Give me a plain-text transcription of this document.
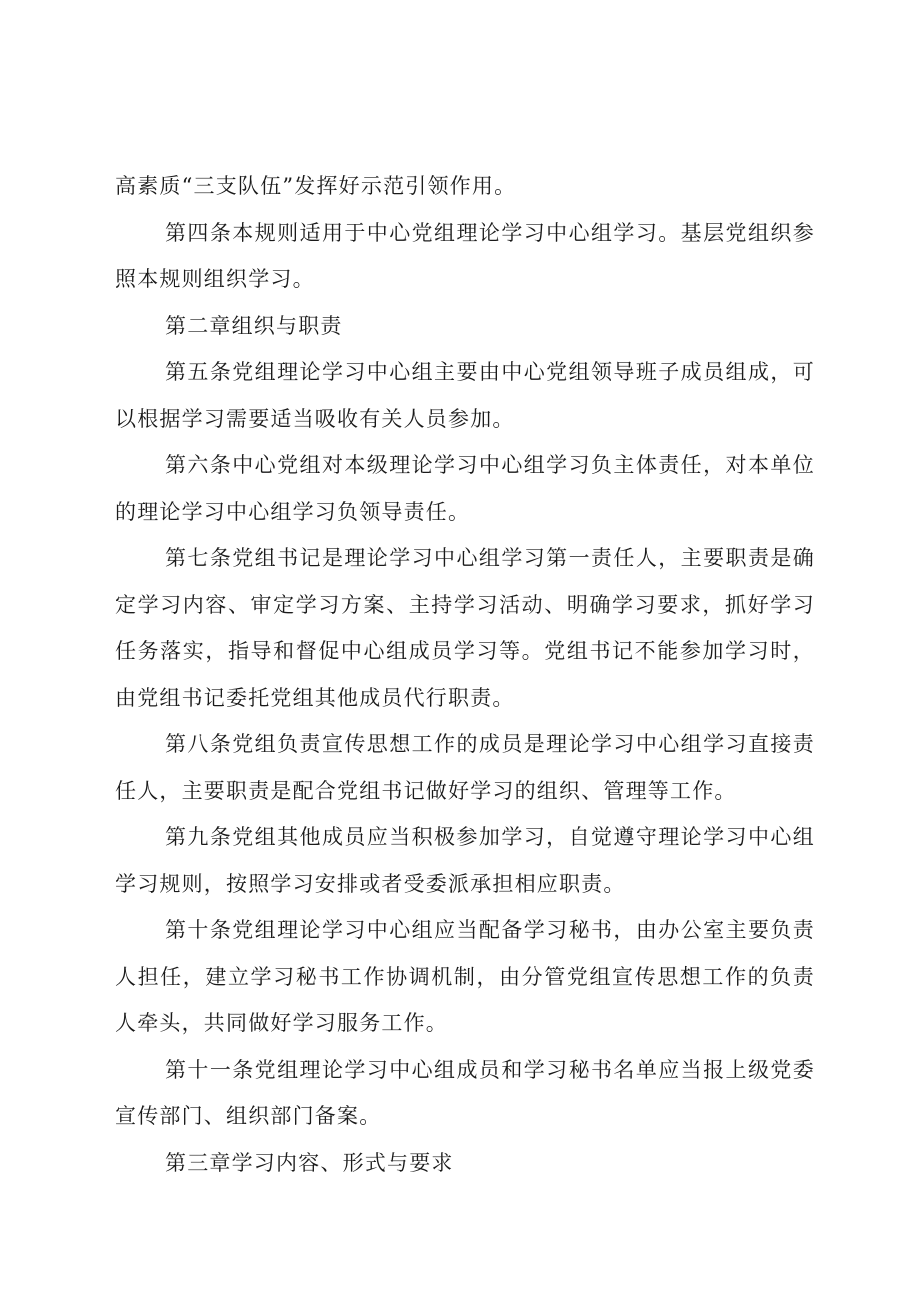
高素质“三支队伍”发挥好示范引领作用。

第四条本规则适用于中心党组理论学习中心组学习。基层党组织参照本规则组织学习。

第二章组织与职责

第五条党组理论学习中心组主要由中心党组领导班子成员组成，可以根据学习需要适当吸收有关人员参加。

第六条中心党组对本级理论学习中心组学习负主体责任，对本单位的理论学习中心组学习负领导责任。

第七条党组书记是理论学习中心组学习第一责任人，主要职责是确定学习内容、审定学习方案、主持学习活动、明确学习要求，抓好学习任务落实，指导和督促中心组成员学习等。党组书记不能参加学习时，由党组书记委托党组其他成员代行职责。

第八条党组负责宣传思想工作的成员是理论学习中心组学习直接责任人，主要职责是配合党组书记做好学习的组织、管理等工作。

第九条党组其他成员应当积极参加学习，自觉遵守理论学习中心组学习规则，按照学习安排或者受委派承担相应职责。

第十条党组理论学习中心组应当配备学习秘书，由办公室主要负责人担任，建立学习秘书工作协调机制，由分管党组宣传思想工作的负责人牵头，共同做好学习服务工作。

第十一条党组理论学习中心组成员和学习秘书名单应当报上级党委宣传部门、组织部门备案。

第三章学习内容、形式与要求
